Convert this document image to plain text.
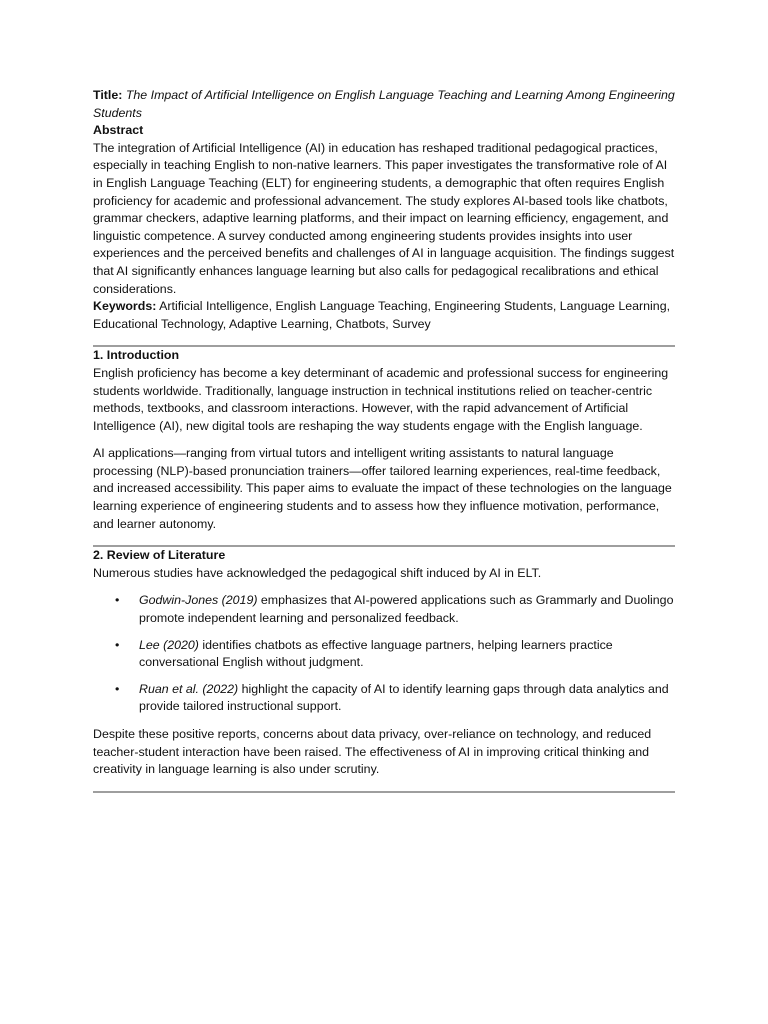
Title: The Impact of Artificial Intelligence on English Language Teaching and Learning Among Engineering Students

Abstract

The integration of Artificial Intelligence (AI) in education has reshaped traditional pedagogical practices, especially in teaching English to non-native learners. This paper investigates the transformative role of AI in English Language Teaching (ELT) for engineering students, a demographic that often requires English proficiency for academic and professional advancement. The study explores AI-based tools like chatbots, grammar checkers, adaptive learning platforms, and their impact on learning efficiency, engagement, and linguistic competence. A survey conducted among engineering students provides insights into user experiences and the perceived benefits and challenges of AI in language acquisition. The findings suggest that AI significantly enhances language learning but also calls for pedagogical recalibrations and ethical considerations.

Keywords: Artificial Intelligence, English Language Teaching, Engineering Students, Language Learning, Educational Technology, Adaptive Learning, Chatbots, Survey

1. Introduction

English proficiency has become a key determinant of academic and professional success for engineering students worldwide. Traditionally, language instruction in technical institutions relied on teacher-centric methods, textbooks, and classroom interactions. However, with the rapid advancement of Artificial Intelligence (AI), new digital tools are reshaping the way students engage with the English language.

AI applications—ranging from virtual tutors and intelligent writing assistants to natural language processing (NLP)-based pronunciation trainers—offer tailored learning experiences, real-time feedback, and increased accessibility. This paper aims to evaluate the impact of these technologies on the language learning experience of engineering students and to assess how they influence motivation, performance, and learner autonomy.

2. Review of Literature

Numerous studies have acknowledged the pedagogical shift induced by AI in ELT.

• Godwin-Jones (2019) emphasizes that AI-powered applications such as Grammarly and Duolingo promote independent learning and personalized feedback.
• Lee (2020) identifies chatbots as effective language partners, helping learners practice conversational English without judgment.
• Ruan et al. (2022) highlight the capacity of AI to identify learning gaps through data analytics and provide tailored instructional support.

Despite these positive reports, concerns about data privacy, over-reliance on technology, and reduced teacher-student interaction have been raised. The effectiveness of AI in improving critical thinking and creativity in language learning is also under scrutiny.
